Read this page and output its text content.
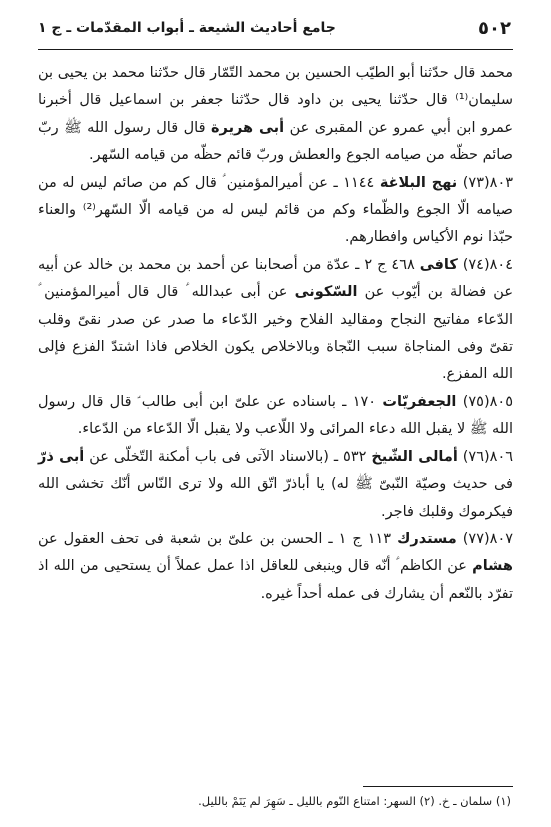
٥٠٢
جامع أحاديث الشيعة ـ أبواب المقدّمات ـ ج ١

محمد قال حدّثنا أبو الطيّب الحسين بن محمد التّمّار قال حدّثنا محمد بن يحيى بن سليمان⁽¹⁾ قال حدّثنا يحيى بن داود قال حدّثنا جعفر بن اسماعيل قال أخبرنا عمرو ابن أبي عمرو عن المقبرى عن أبى هريرة قال قال رسول الله ﷺ ربّ صائم حظّه من صيامه الجوع والعطش وربّ قائم حظّه من قيامه السّهر.

٨٠٣(٧٣) نهج البلاغة ١١٤٤ ـ عن أميرالمؤمنين ؑ قال كم من صائم ليس له من صيامه الّا الجوع والظّماء وكم من قائم ليس له من قيامه الّا السّهر⁽²⁾ والعناء حبّذا نوم الأكياس وافطارهم.

٨٠٤(٧٤) كافى ٤٦٨ ج ٢ ـ عدّة من أصحابنا عن أحمد بن محمد بن خالد عن أبيه عن فضالة بن أيّوب عن السّكونى عن أبى عبدالله ؑ قال قال أميرالمؤمنين ؑ الدّعاء مفاتيح النجاح ومقاليد الفلاح وخير الدّعاء ما صدر عن صدر نقىّ وقلب تقىّ وفى المناجاة سبب النّجاة وبالاخلاص يكون الخلاص فاذا اشتدّ الفزع فإلى الله المفزع.

٨٠٥(٧٥) الجعفريّات ١٧٠ ـ باسناده عن علىّ ابن أبى طالب ؑ قال قال رسول الله ﷺ لا يقبل الله دعاء المرائى ولا اللّاعب ولا يقبل الّا الدّعاء من الدّعاء.

٨٠٦(٧٦) أمالى الشّيخ ٥٣٢ ـ (بالاسناد الآتى فى باب أمكنة التّخلّى عن أبى ذرّ فى حديث وصيّة النّبىّ ﷺ له) يا أباذرّ اتّق الله ولا ترى النّاس أنّك تخشى الله فيكرموك وقلبك فاجر.

٨٠٧(٧٧) مستدرك ١١٣ ج ١ ـ الحسن بن علىّ بن شعبة فى تحف العقول عن هشام عن الكاظم ؑ أنّه قال وينبغى للعاقل اذا عمل عملاً أن يستحيى من الله اذ تفرّد بالنّعم أن يشارك فى عمله أحداً غيره.

(١) سلمان ـ خ. (٢) السهر: امتناع النّوم بالليل ـ سَهِرَ لم يَنَمْ بالليل.
